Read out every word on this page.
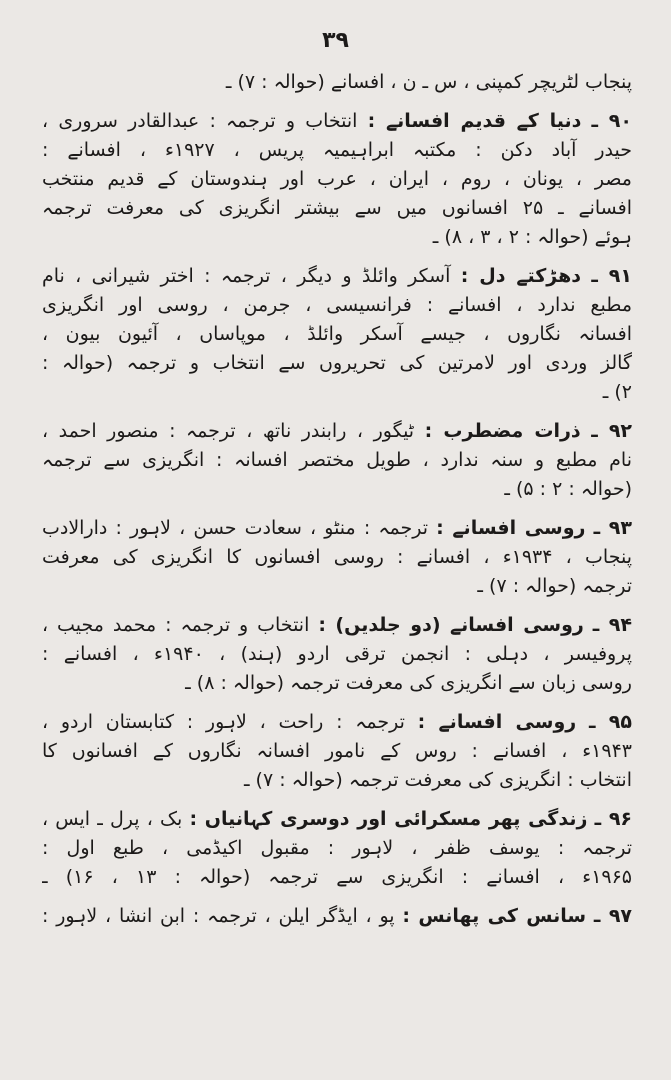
۳۹
پنجاب لٹریچر کمپنی ، س ـ ن ، افسانے (حوالہ : ۷) ـ
۹۰ ـ دنیا کے قدیم افسانے : انتخاب و ترجمہ : عبدالقادر سروری ،
حیدر آباد دکن : مکتبہ ابراہیمیہ پریس ، ۱۹۲۷ء ، افسانے :
مصر ، یونان ، روم ، ایران ، عرب اور ہندوستان کے قدیم منتخب
افسانے ـ ۲۵ افسانوں میں سے بیشتر انگریزی کی معرفت ترجمہ
ہوئے (حوالہ : ۲ ، ۳ ، ۸) ـ
۹۱ ـ دھڑکتے دل : آسکر وائلڈ و دیگر ، ترجمہ : اختر شیرانی ، نام
مطبع ندارد ، افسانے : فرانسیسی ، جرمن ، روسی اور انگریزی
افسانہ نگاروں ، جیسے آسکر وائلڈ ، موپاساں ، آئیون بیون ،
گالز وردی اور لامرتین کی تحریروں سے انتخاب و ترجمہ (حوالہ :
۲) ـ
۹۲ ـ ذرات مضطرب : ٹیگور ، رابندر ناتھ ، ترجمہ : منصور احمد ،
نام مطبع و سنہ ندارد ، طویل مختصر افسانہ : انگریزی سے ترجمہ
(حوالہ : ۲ : ۵) ـ
۹۳ ـ روسی افسانے : ترجمہ : منٹو ، سعادت حسن ، لاہور : دارالادب
پنجاب ، ۱۹۳۴ء ، افسانے : روسی افسانوں کا انگریزی کی معرفت
ترجمہ (حوالہ : ۷) ـ
۹۴ ـ روسی افسانے (دو جلدیں) : انتخاب و ترجمہ : محمد مجیب ،
پروفیسر ، دہلی : انجمن ترقی اردو (ہند) ، ۱۹۴۰ء ، افسانے :
روسی زبان سے انگریزی کی معرفت ترجمہ (حوالہ : ۸) ـ
۹۵ ـ روسی افسانے : ترجمہ : راحت ، لاہور : کتابستان اردو ،
۱۹۴۳ء ، افسانے : روس کے نامور افسانہ نگاروں کے افسانوں کا
انتخاب : انگریزی کی معرفت ترجمہ (حوالہ : ۷) ـ
۹۶ ـ زندگی پھر مسکرائی اور دوسری کہانیاں : بک ، پرل ـ ایس ،
ترجمہ : یوسف ظفر ، لاہور : مقبول اکیڈمی ، طبع اول :
۱۹۶۵ء ، افسانے : انگریزی سے ترجمہ (حوالہ : ۱۳ ، ۱۶) ـ
۹۷ ـ سانس کی پھانس : پو ، ایڈگر ایلن ، ترجمہ : ابن انشا ، لاہور :
